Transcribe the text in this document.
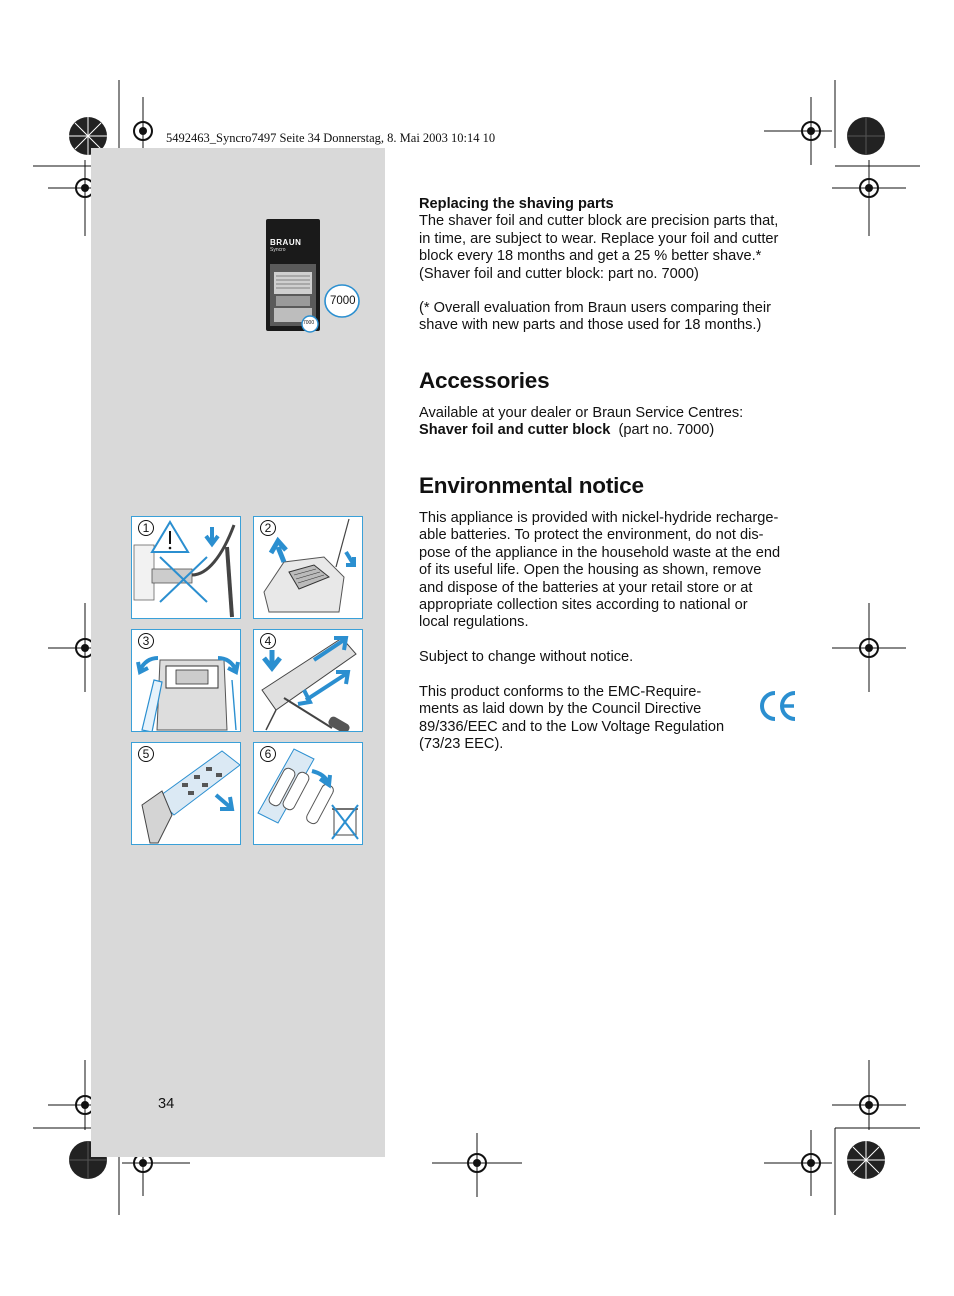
5492463_Syncro7497 Seite 34 Donnerstag, 8. Mai 2003 10:14 10
BRAUN
Syncro
7000
7000
Replacing the shaving parts
The shaver foil and cutter block are precision parts that,
in time, are subject to wear. Replace your foil and cutter
block every 18 months and get a 25 % better shave.*
(Shaver foil and cutter block: part no. 7000)
(* Overall evaluation from Braun users comparing their
shave with new parts and those used for 18 months.)
Accessories
Available at your dealer or Braun Service Centres:
Shaver foil and cutter block  (part no. 7000)
Environmental notice
This appliance is provided with nickel-hydride recharge-
able batteries. To protect the environment, do not dis-
pose of the appliance in the household waste at the end
of its useful life. Open the housing as shown, remove
and dispose of the batteries at your retail store or at
appropriate collection sites according to national or
local regulations.
Subject to change without notice.
This product conforms to the EMC-Require-
ments as laid down by the Council Directive
89/336/EEC and to the Low Voltage Regulation
(73/23 EEC).
1	2
3	4
5	6
34
